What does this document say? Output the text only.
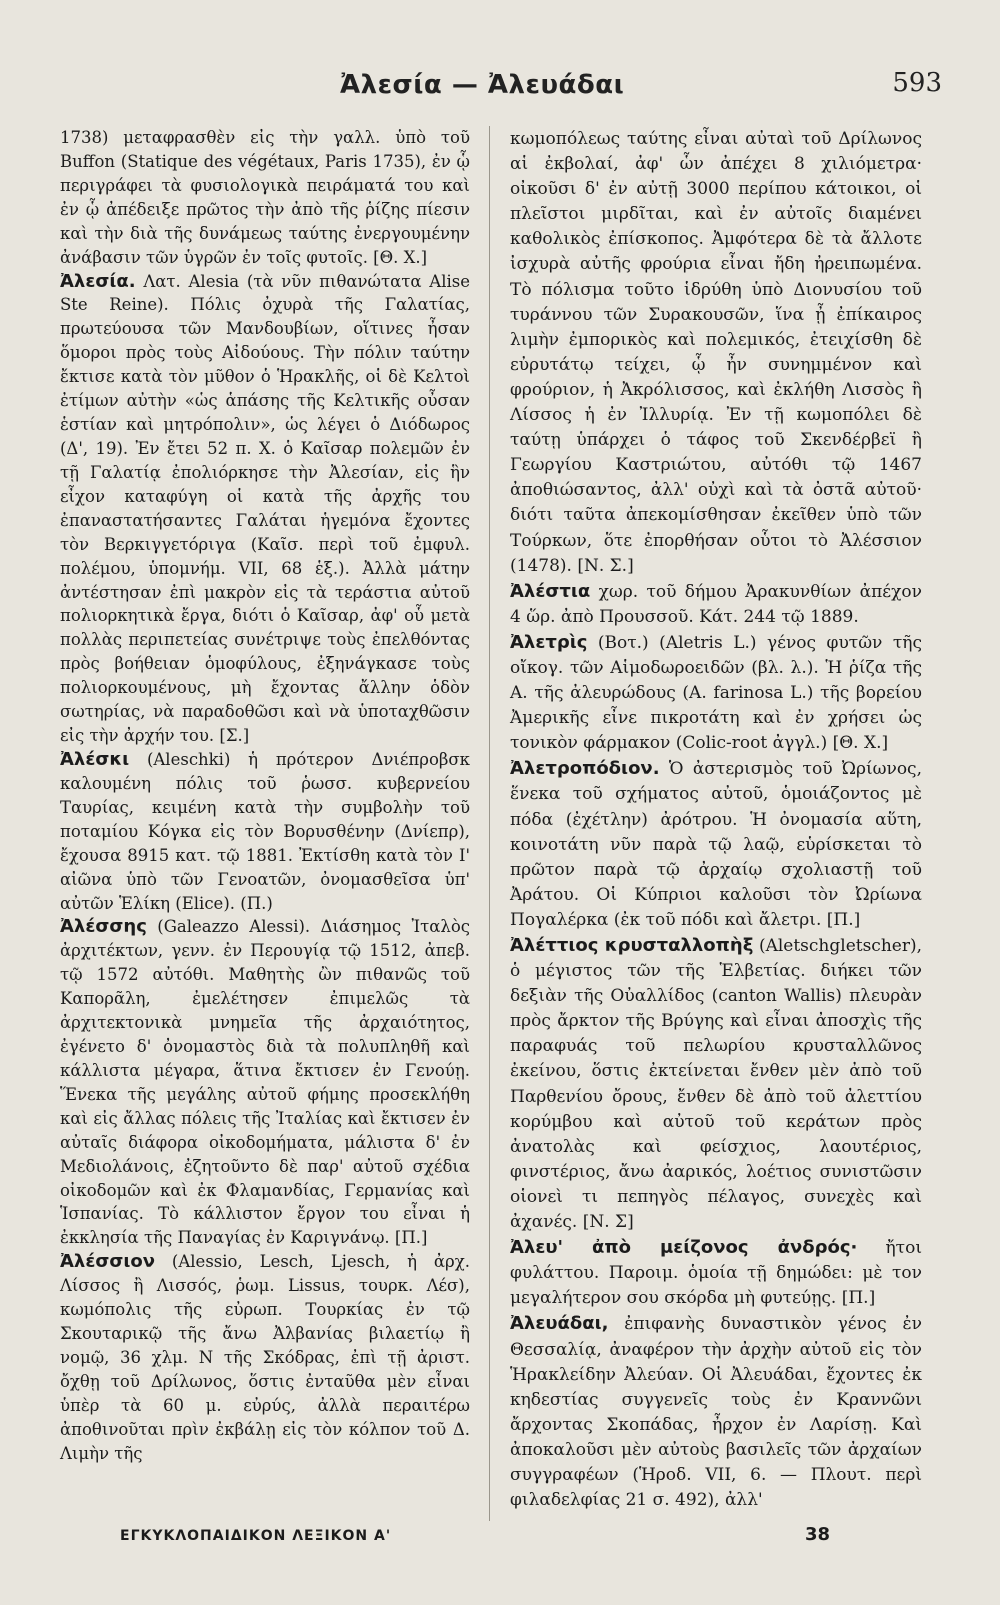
Ἀλεσία — Ἀλευάδαι	593

1738) μεταφρασθὲν εἰς τὴν γαλλ. ὑπὸ τοῦ Buffon (Statique des végétaux, Paris 1735), ἐν ᾧ περιγράφει τὰ φυσιολογικὰ πειράματά του καὶ ἐν ᾧ ἀπέδειξε πρῶτος τὴν ἀπὸ τῆς ῥίζης πίεσιν καὶ τὴν διὰ τῆς δυνάμεως ταύτης ἐνεργουμένην ἀνάβασιν τῶν ὑγρῶν ἐν τοῖς φυτοῖς. [Θ. Χ.]

Ἀλεσία. Λατ. Alesia (τὰ νῦν πιθανώτατα Alise Ste Reine). Πόλις ὀχυρὰ τῆς Γαλατίας, πρωτεύουσα τῶν Μανδουβίων, οἵτινες ἦσαν ὅμοροι πρὸς τοὺς Αἰδούους. Τὴν πόλιν ταύτην ἔκτισε κατὰ τὸν μῦθον ὁ Ἡρακλῆς, οἱ δὲ Κελτοὶ ἐτίμων αὐτὴν «ὡς ἁπάσης τῆς Κελτικῆς οὖσαν ἑστίαν καὶ μητρόπολιν», ὡς λέγει ὁ Διόδωρος (Δ', 19). Ἐν ἔτει 52 π. Χ. ὁ Καῖσαρ πολεμῶν ἐν τῇ Γαλατίᾳ ἐπολιόρκησε τὴν Ἀλεσίαν, εἰς ἣν εἶχον καταφύγη οἱ κατὰ τῆς ἀρχῆς του ἐπαναστατήσαντες Γαλάται ἡγεμόνα ἔχοντες τὸν Βερκιγγετόριγα (Καῖσ. περὶ τοῦ ἐμφυλ. πολέμου, ὑπομνήμ. VII, 68 ἑξ.). Ἀλλὰ μάτην ἀντέστησαν ἐπὶ μακρὸν εἰς τὰ τεράστια αὐτοῦ πολιορκητικὰ ἔργα, διότι ὁ Καῖσαρ, ἀφ' οὗ μετὰ πολλὰς περιπετείας συνέτριψε τοὺς ἐπελθόντας πρὸς βοήθειαν ὁμοφύλους, ἐξηνάγκασε τοὺς πολιορκουμένους, μὴ ἔχοντας ἄλλην ὁδὸν σωτηρίας, νὰ παραδοθῶσι καὶ νὰ ὑποταχθῶσιν εἰς τὴν ἀρχήν του. [Σ.]

Ἀλέσκι (Aleschki) ἡ πρότερον Δνιέπροβσκ καλουμένη πόλις τοῦ ῥωσσ. κυβερνείου Ταυρίας, κειμένη κατὰ τὴν συμβολὴν τοῦ ποταμίου Κόγκα εἰς τὸν Βορυσθένην (Δνίεπρ), ἔχουσα 8915 κατ. τῷ 1881. Ἐκτίσθη κατὰ τὸν Ι' αἰῶνα ὑπὸ τῶν Γενοατῶν, ὀνομασθεῖσα ὑπ' αὐτῶν Ἑλίκη (Elice). (Π.)

Ἀλέσσης (Galeazzo Alessi). Διάσημος Ἰταλὸς ἀρχιτέκτων, γενν. ἐν Περουγίᾳ τῷ 1512, ἀπεβ. τῷ 1572 αὐτόθι. Μαθητὴς ὢν πιθανῶς τοῦ Καπορᾶλη, ἐμελέτησεν ἐπιμελῶς τὰ ἀρχιτεκτονικὰ μνημεῖα τῆς ἀρχαιότητος, ἐγένετο δ' ὀνομαστὸς διὰ τὰ πολυπληθῆ καὶ κάλλιστα μέγαρα, ἅτινα ἔκτισεν ἐν Γενούῃ. Ἕνεκα τῆς μεγάλης αὐτοῦ φήμης προσεκλήθη καὶ εἰς ἄλλας πόλεις τῆς Ἰταλίας καὶ ἔκτισεν ἐν αὐταῖς διάφορα οἰκοδομήματα, μάλιστα δ' ἐν Μεδιολάνοις, ἐζητοῦντο δὲ παρ' αὐτοῦ σχέδια οἰκοδομῶν καὶ ἐκ Φλαμανδίας, Γερμανίας καὶ Ἱσπανίας. Τὸ κάλλιστον ἔργον του εἶναι ἡ ἐκκλησία τῆς Παναγίας ἐν Καριγνάνῳ. [Π.]

Ἀλέσσιον (Alessio, Lesch, Ljesch, ἡ ἀρχ. Λίσσος ἢ Λισσός, ῥωμ. Lissus, τουρκ. Λέσ), κωμόπολις τῆς εὐρωπ. Τουρκίας ἐν τῷ Σκουταρικῷ τῆς ἄνω Ἀλβανίας βιλαετίῳ ἢ νομῷ, 36 χλμ. Ν τῆς Σκόδρας, ἐπὶ τῇ ἀριστ. ὄχθῃ τοῦ Δρίλωνος, ὅστις ἐνταῦθα μὲν εἶναι ὑπὲρ τὰ 60 μ. εὐρύς, ἀλλὰ περαιτέρω ἀποθινοῦται πρὶν ἐκβάλῃ εἰς τὸν κόλπον τοῦ Δ. Λιμὴν τῆς

κωμοπόλεως ταύτης εἶναι αὐταὶ τοῦ Δρίλωνος αἱ ἐκβολαί, ἀφ' ὧν ἀπέχει 8 χιλιόμετρα· οἰκοῦσι δ' ἐν αὐτῇ 3000 περίπου κάτοικοι, οἱ πλεῖστοι μιρδῖται, καὶ ἐν αὐτοῖς διαμένει καθολικὸς ἐπίσκοπος. Ἀμφότερα δὲ τὰ ἄλλοτε ἰσχυρὰ αὐτῆς φρούρια εἶναι ἤδη ἠρειπωμένα. Τὸ πόλισμα τοῦτο ἱδρύθη ὑπὸ Διονυσίου τοῦ τυράννου τῶν Συρακουσῶν, ἵνα ᾖ ἐπίκαιρος λιμὴν ἐμπορικὸς καὶ πολεμικός, ἐτειχίσθη δὲ εὐρυτάτῳ τείχει, ᾧ ἦν συνημμένον καὶ φρούριον, ἡ Ἀκρόλισσος, καὶ ἐκλήθη Λισσὸς ἢ Λίσσος ἡ ἐν Ἰλλυρίᾳ. Ἐν τῇ κωμοπόλει δὲ ταύτῃ ὑπάρχει ὁ τάφος τοῦ Σκενδέρβεϊ ἢ Γεωργίου Καστριώτου, αὐτόθι τῷ 1467 ἀποθιώσαντος, ἀλλ' οὐχὶ καὶ τὰ ὀστᾶ αὐτοῦ· διότι ταῦτα ἀπεκομίσθησαν ἐκεῖθεν ὑπὸ τῶν Τούρκων, ὅτε ἐπορθήσαν οὗτοι τὸ Ἀλέσσιον (1478). [Ν. Σ.]

Ἀλέστια χωρ. τοῦ δήμου Ἀρακυνθίων ἀπέχον 4 ὥρ. ἀπὸ Προυσσοῦ. Κάτ. 244 τῷ 1889.

Ἀλετρὶς (Βοτ.) (Aletris L.) γένος φυτῶν τῆς οἴκογ. τῶν Αἱμοδωροειδῶν (βλ. λ.). Ἡ ῥίζα τῆς Α. τῆς ἀλευρώδους (A. farinosa L.) τῆς βορείου Ἀμερικῆς εἶνε πικροτάτη καὶ ἐν χρήσει ὡς τονικὸν φάρμακον (Colic-root ἀγγλ.) [Θ. Χ.]

Ἀλετροπόδιον. Ὁ ἀστερισμὸς τοῦ Ὠρίωνος, ἕνεκα τοῦ σχήματος αὐτοῦ, ὁμοιάζοντος μὲ πόδα (ἐχέτλην) ἀρότρου. Ἡ ὀνομασία αὕτη, κοινοτάτη νῦν παρὰ τῷ λαῷ, εὑρίσκεται τὸ πρῶτον παρὰ τῷ ἀρχαίῳ σχολιαστῇ τοῦ Ἀράτου. Οἱ Κύπριοι καλοῦσι τὸν Ὠρίωνα Πογαλέρκα (ἐκ τοῦ πόδι καὶ ἄλετρι. [Π.]

Ἀλέττιος κρυσταλλοπὴξ (Aletschgletscher), ὁ μέγιστος τῶν τῆς Ἑλβετίας. διήκει τῶν δεξιὰν τῆς Οὐαλλίδος (canton Wallis) πλευρὰν πρὸς ἄρκτον τῆς Βρύγης καὶ εἶναι ἀποσχὶς τῆς παραφυάς τοῦ πελωρίου κρυσταλλῶνος ἐκείνου, ὅστις ἐκτείνεται ἔνθεν μὲν ἀπὸ τοῦ Παρθενίου ὄρους, ἔνθεν δὲ ἀπὸ τοῦ ἀλεττίου κορύμβου καὶ αὐτοῦ τοῦ κεράτων πρὸς ἀνατολὰς καὶ φείσχιος, λαουτέριος, φινστέριος, ἄνω ἀαρικός, λοέτιος συνιστῶσιν οἱονεὶ τι πεπηγὸς πέλαγος, συνεχὲς καὶ ἀχανές. [Ν. Σ]

Ἀλευ' ἀπὸ μείζονος ἀνδρός· ἤτοι φυλάττου. Παροιμ. ὁμοία τῇ δημώδει: μὲ τον μεγαλήτερον σου σκόρδα μὴ φυτεύῃς. [Π.]

Ἀλευάδαι, ἐπιφανὴς δυναστικὸν γένος ἐν Θεσσαλίᾳ, ἀναφέρον τὴν ἀρχὴν αὐτοῦ εἰς τὸν Ἡρακλείδην Ἀλεύαν. Οἱ Ἀλευάδαι, ἔχοντες ἐκ κηδεστίας συγγενεῖς τοὺς ἐν Κραννῶνι ἄρχοντας Σκοπάδας, ἦρχον ἐν Λαρίσῃ. Καὶ ἀποκαλοῦσι μὲν αὐτοὺς βασιλεῖς τῶν ἀρχαίων συγγραφέων (Ἡροδ. VII, 6. — Πλουτ. περὶ φιλαδελφίας 21 σ. 492), ἀλλ'

ΕΓΚΥΚΛΟΠΑΙΔΙΚΟΝ ΛΕΞΙΚΟΝ Α'	38
